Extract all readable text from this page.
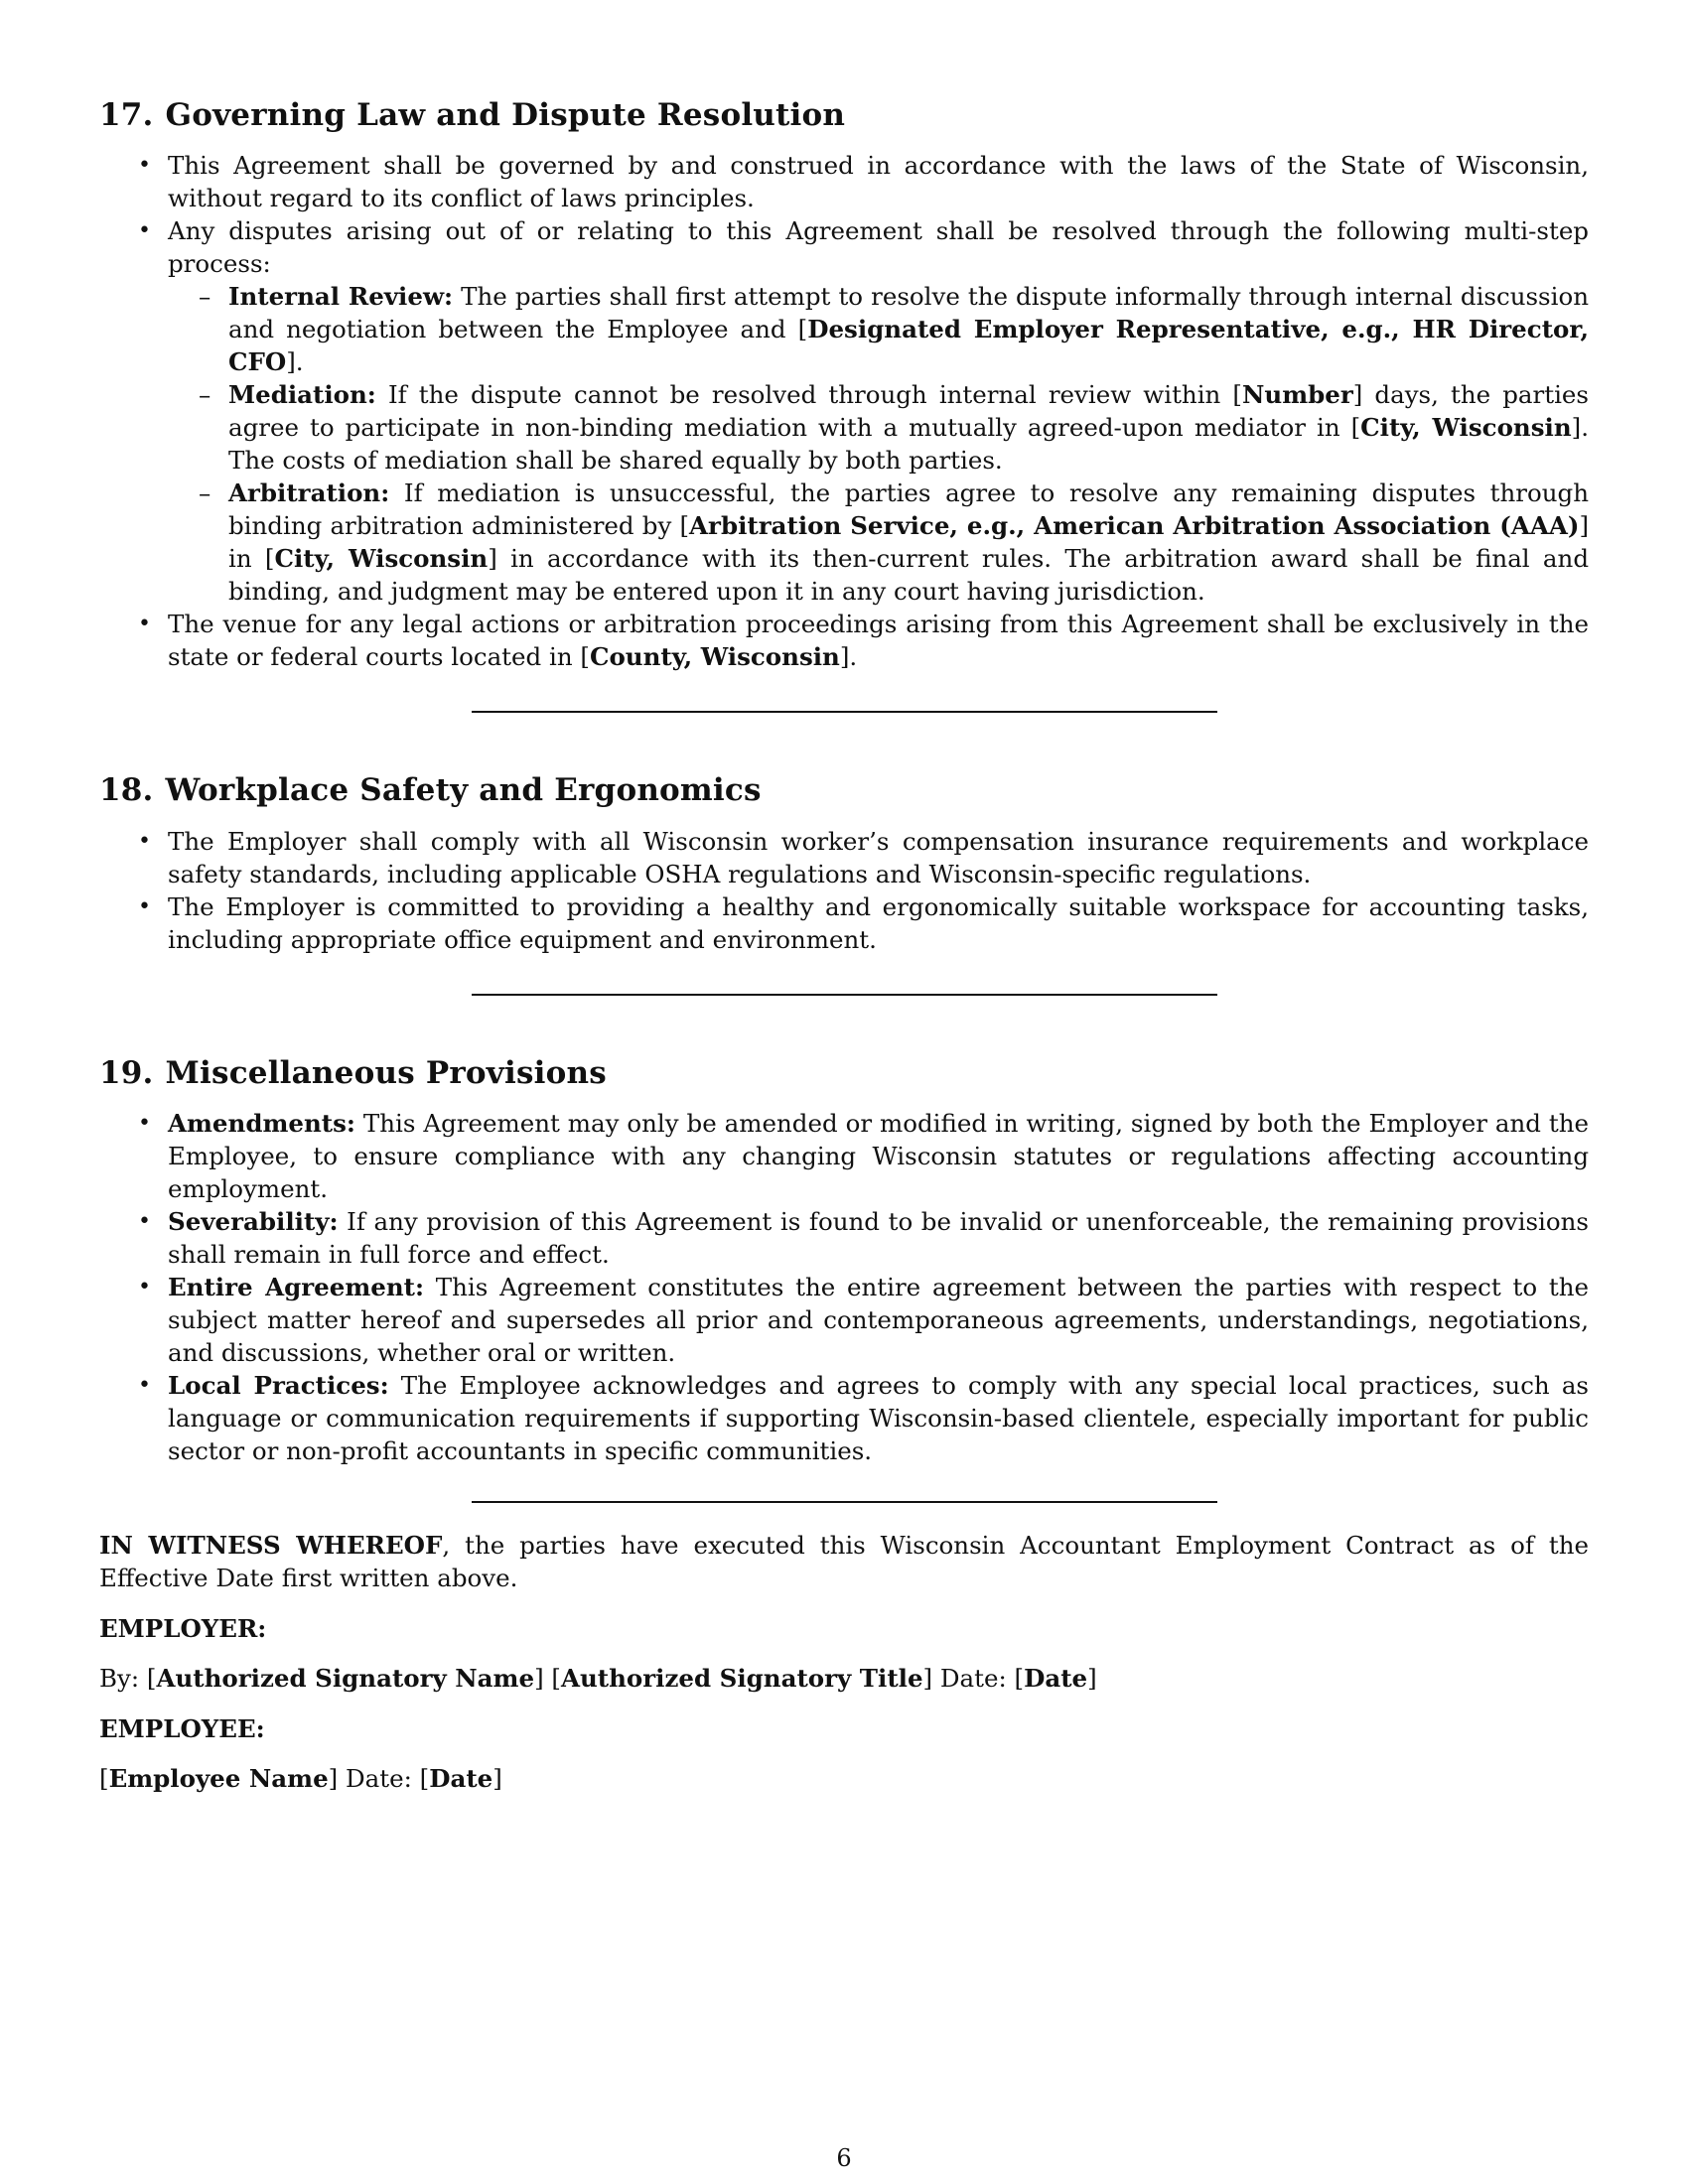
17. Governing Law and Dispute Resolution
• This Agreement shall be governed by and construed in accordance with the laws of the State of Wisconsin, without regard to its conflict of laws principles.
• Any disputes arising out of or relating to this Agreement shall be resolved through the following multi-step process:
– Internal Review: The parties shall first attempt to resolve the dispute informally through internal discussion and negotiation between the Employee and [Designated Employer Representative, e.g., HR Director, CFO].
– Mediation: If the dispute cannot be resolved through internal review within [Number] days, the parties agree to participate in non-binding mediation with a mutually agreed-upon mediator in [City, Wisconsin]. The costs of mediation shall be shared equally by both parties.
– Arbitration: If mediation is unsuccessful, the parties agree to resolve any remaining disputes through binding arbitration administered by [Arbitration Service, e.g., American Arbitration Association (AAA)] in [City, Wisconsin] in accordance with its then-current rules. The arbitration award shall be final and binding, and judgment may be entered upon it in any court having jurisdiction.
• The venue for any legal actions or arbitration proceedings arising from this Agreement shall be exclusively in the state or federal courts located in [County, Wisconsin].
18. Workplace Safety and Ergonomics
• The Employer shall comply with all Wisconsin worker’s compensation insurance requirements and workplace safety standards, including applicable OSHA regulations and Wisconsin-specific regulations.
• The Employer is committed to providing a healthy and ergonomically suitable workspace for accounting tasks, including appropriate office equipment and environment.
19. Miscellaneous Provisions
• Amendments: This Agreement may only be amended or modified in writing, signed by both the Employer and the Employee, to ensure compliance with any changing Wisconsin statutes or regulations affecting accounting employment.
• Severability: If any provision of this Agreement is found to be invalid or unenforceable, the remaining provisions shall remain in full force and effect.
• Entire Agreement: This Agreement constitutes the entire agreement between the parties with respect to the subject matter hereof and supersedes all prior and contemporaneous agreements, understandings, negotiations, and discussions, whether oral or written.
• Local Practices: The Employee acknowledges and agrees to comply with any special local practices, such as language or communication requirements if supporting Wisconsin-based clientele, especially important for public sector or non-profit accountants in specific communities.

IN WITNESS WHEREOF, the parties have executed this Wisconsin Accountant Employment Contract as of the Effective Date first written above.

EMPLOYER:
By: [Authorized Signatory Name] [Authorized Signatory Title] Date: [Date]
EMPLOYEE:
[Employee Name] Date: [Date]
6
